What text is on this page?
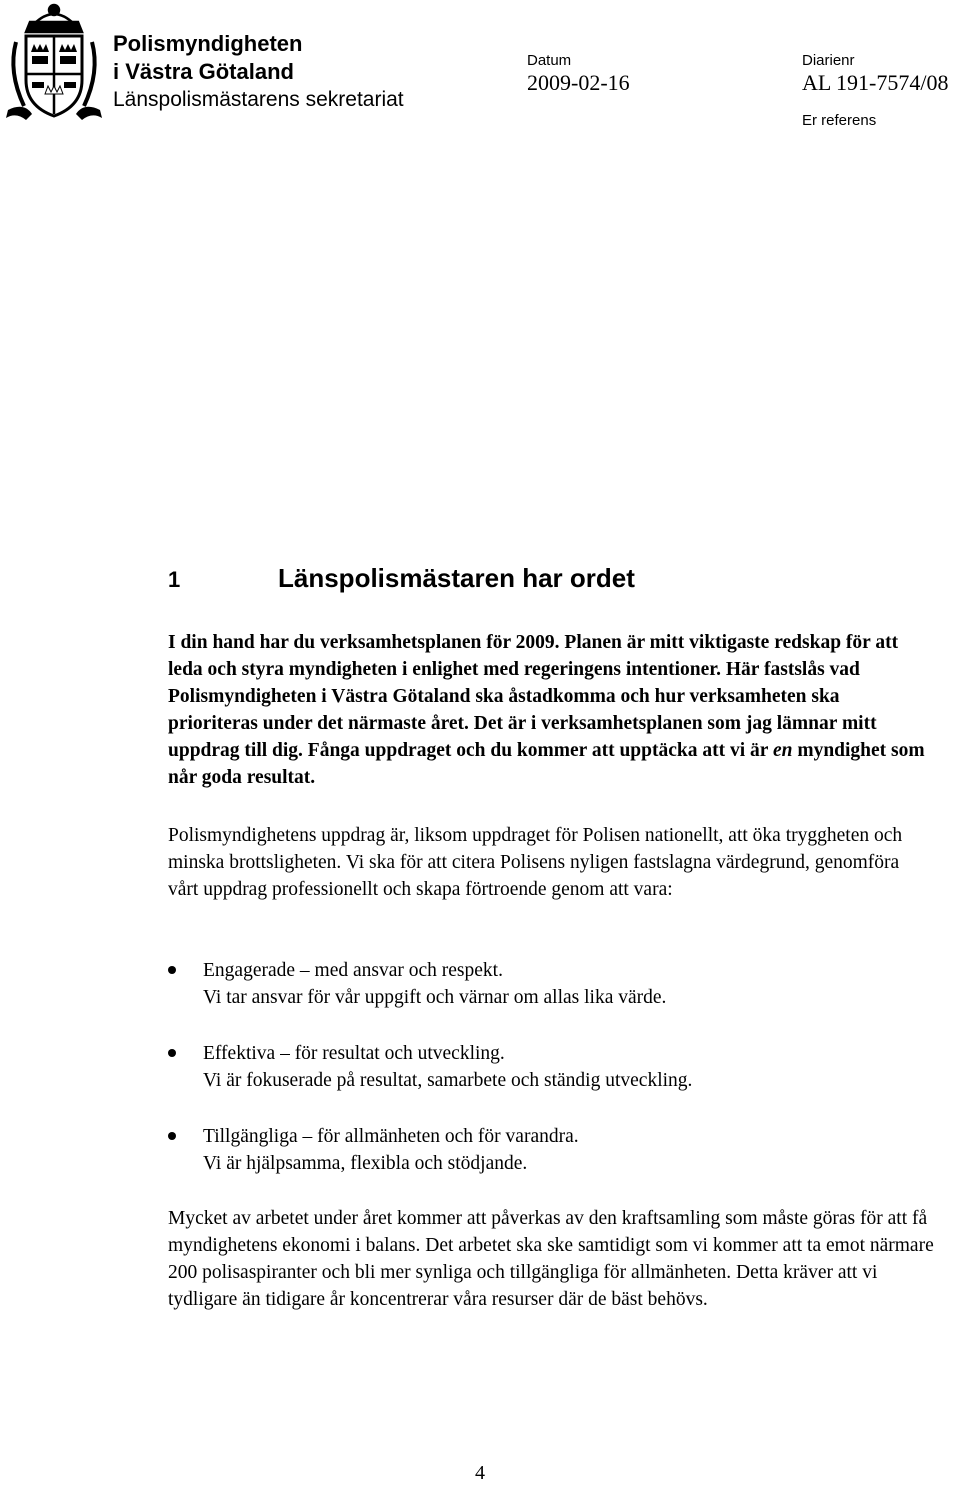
Polismyndigheten
i Västra Götaland
Länspolismästarens sekretariat
Datum
2009-02-16
Diarienr
AL 191-7574/08
Er referens
1	Länspolismästaren har ordet

I din hand har du verksamhetsplanen för 2009. Planen är mitt viktigaste redskap för att leda och styra myndigheten i enlighet med regeringens intentioner. Här fastslås vad Polismyndigheten i Västra Götaland ska åstadkomma och hur verksamheten ska prioriteras under det närmaste året. Det är i verksamhetsplanen som jag lämnar mitt uppdrag till dig. Fånga uppdraget och du kommer att upptäcka att vi är en myndighet som når goda resultat.

Polismyndighetens uppdrag är, liksom uppdraget för Polisen nationellt, att öka tryggheten och minska brottsligheten. Vi ska för att citera Polisens nyligen fastslagna värdegrund, genomföra vårt uppdrag professionellt och skapa förtroende genom att vara:

Engagerade – med ansvar och respekt.
Vi tar ansvar för vår uppgift och värnar om allas lika värde.
Effektiva – för resultat och utveckling.
Vi är fokuserade på resultat, samarbete och ständig utveckling.
Tillgängliga – för allmänheten och för varandra.
Vi är hjälpsamma, flexibla och stödjande.

Mycket av arbetet under året kommer att påverkas av den kraftsamling som måste göras för att få myndighetens ekonomi i balans. Det arbetet ska ske samtidigt som vi kommer att ta emot närmare 200 polisaspiranter och bli mer synliga och tillgängliga för allmänheten. Detta kräver att vi tydligare än tidigare år koncentrerar våra resurser där de bäst behövs.

4
